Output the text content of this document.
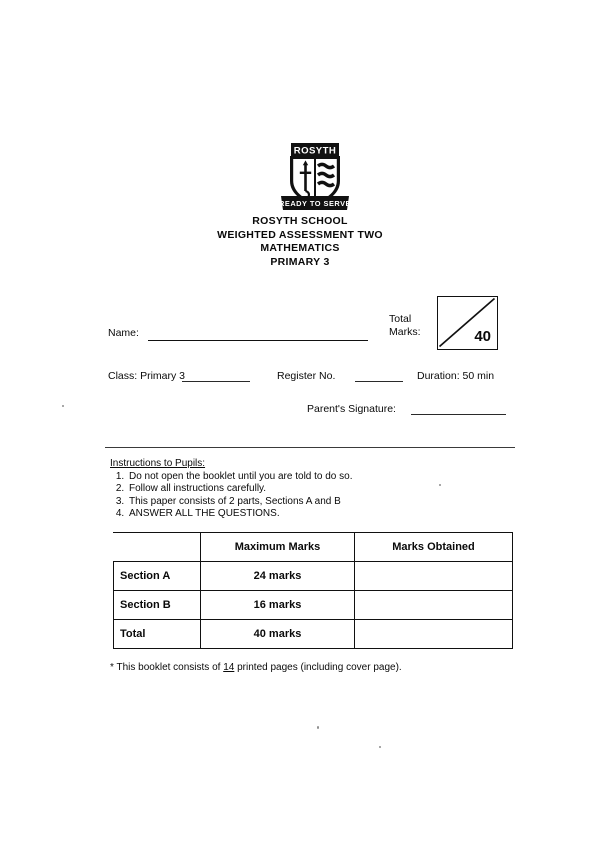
ROSYTH
READY TO SERVE
ROSYTH SCHOOL
WEIGHTED ASSESSMENT TWO
MATHEMATICS
PRIMARY 3
Name:
Total
Marks:	40
Class: Primary 3	Register No.	Duration: 50 min
Parent's Signature:
Instructions to Pupils:
1. Do not open the booklet until you are told to do so.
2. Follow all instructions carefully.
3. This paper consists of 2 parts, Sections A and B
4. ANSWER ALL THE QUESTIONS.
	Maximum Marks	Marks Obtained
Section A	24 marks	
Section B	16 marks	
Total	40 marks	
* This booklet consists of 14 printed pages (including cover page).
